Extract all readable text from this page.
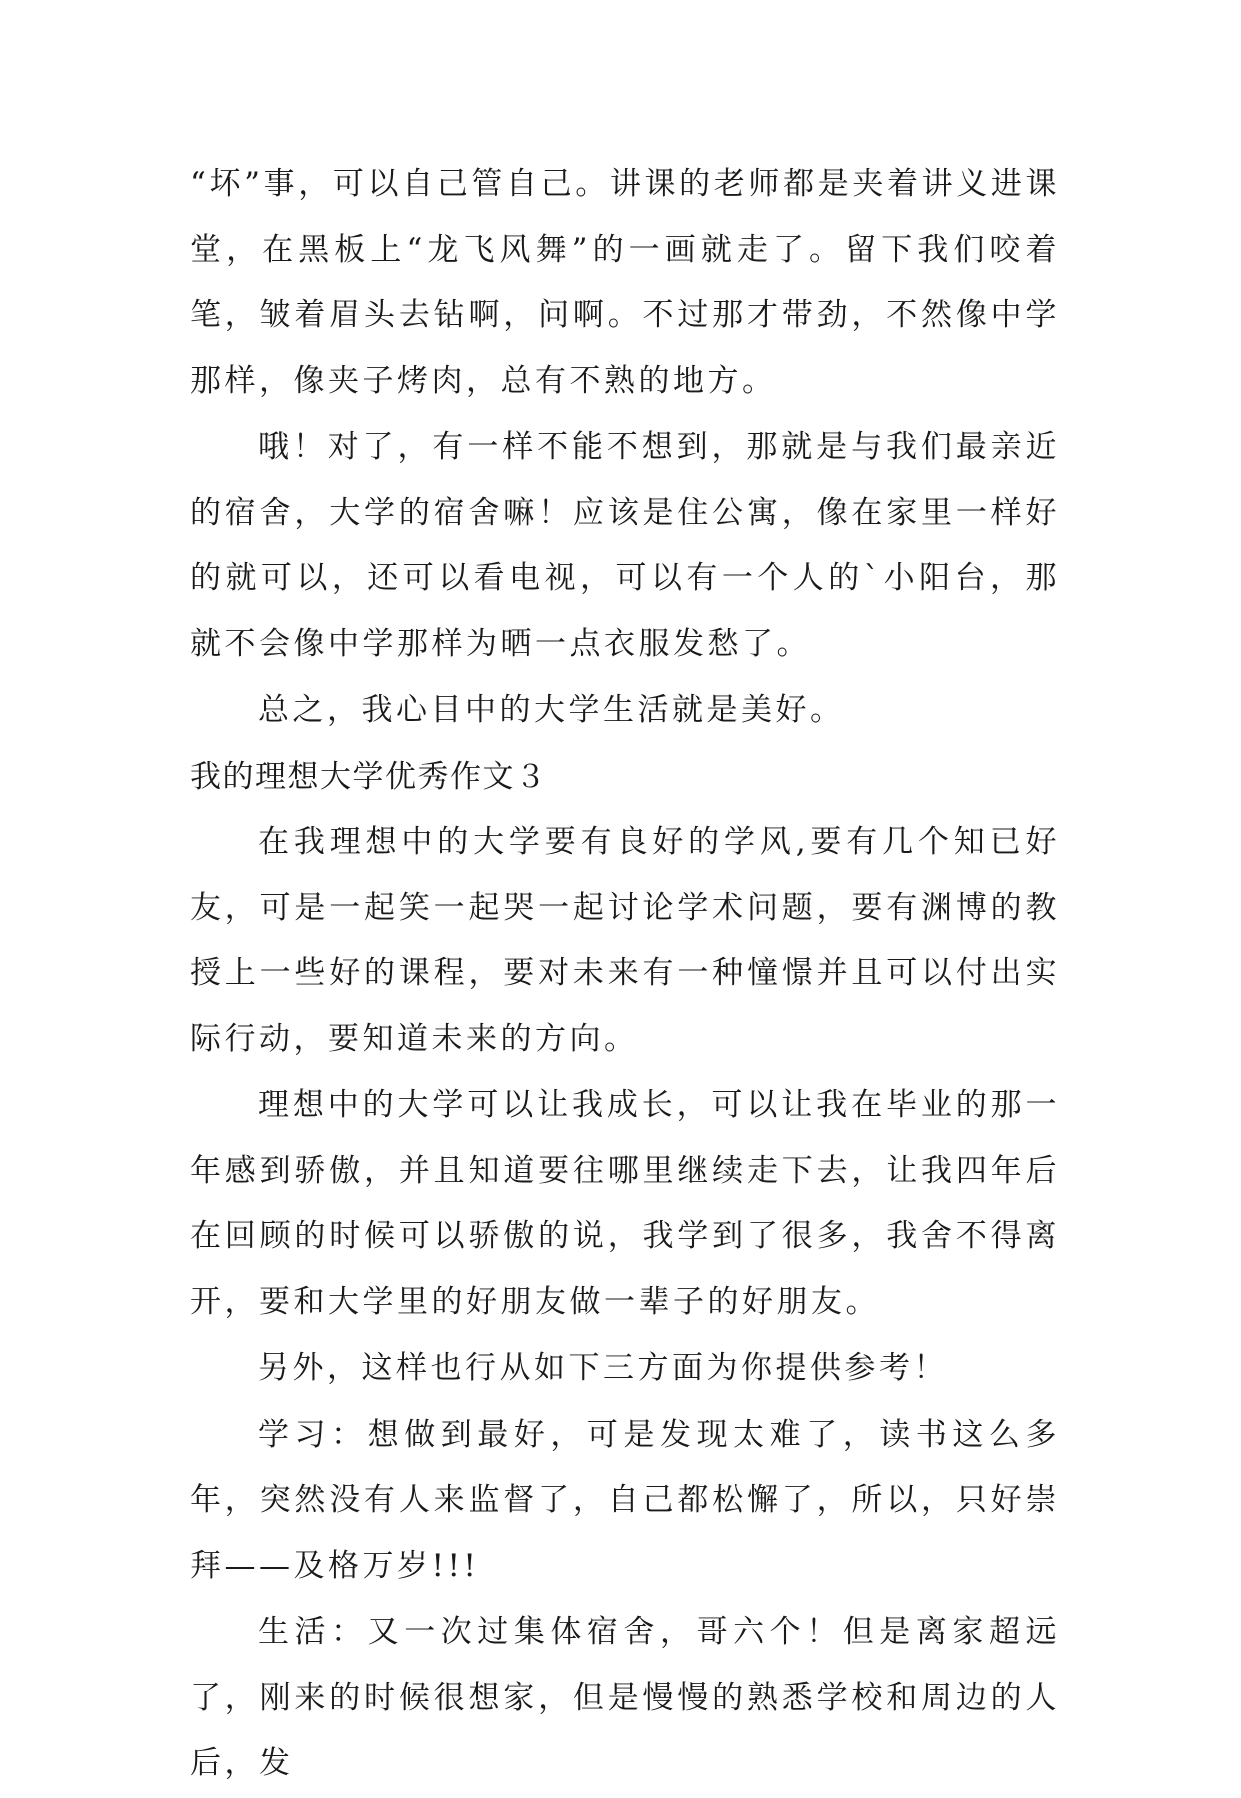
“坏”事，可以自己管自己。讲课的老师都是夹着讲义进课堂，在黑板上“龙飞风舞”的一画就走了。留下我们咬着笔，皱着眉头去钻啊，问啊。不过那才带劲，不然像中学那样，像夹子烤肉，总有不熟的地方。

哦！对了，有一样不能不想到，那就是与我们最亲近的宿舍，大学的宿舍嘛！应该是住公寓，像在家里一样好的就可以，还可以看电视，可以有一个人的`小阳台，那就不会像中学那样为晒一点衣服发愁了。

总之，我心目中的大学生活就是美好。

我的理想大学优秀作文３

在我理想中的大学要有良好的学风,要有几个知已好友，可是一起笑一起哭一起讨论学术问题，要有渊博的教授上一些好的课程，要对未来有一种憧憬并且可以付出实际行动，要知道未来的方向。

理想中的大学可以让我成长，可以让我在毕业的那一年感到骄傲，并且知道要往哪里继续走下去，让我四年后在回顾的时候可以骄傲的说，我学到了很多，我舍不得离开，要和大学里的好朋友做一辈子的好朋友。

另外，这样也行从如下三方面为你提供参考！

学习：想做到最好，可是发现太难了，读书这么多年，突然没有人来监督了，自己都松懈了，所以，只好崇拜——及格万岁!!!

生活：又一次过集体宿舍，哥六个！但是离家超远了，刚来的时候很想家，但是慢慢的熟悉学校和周边的人后，发
